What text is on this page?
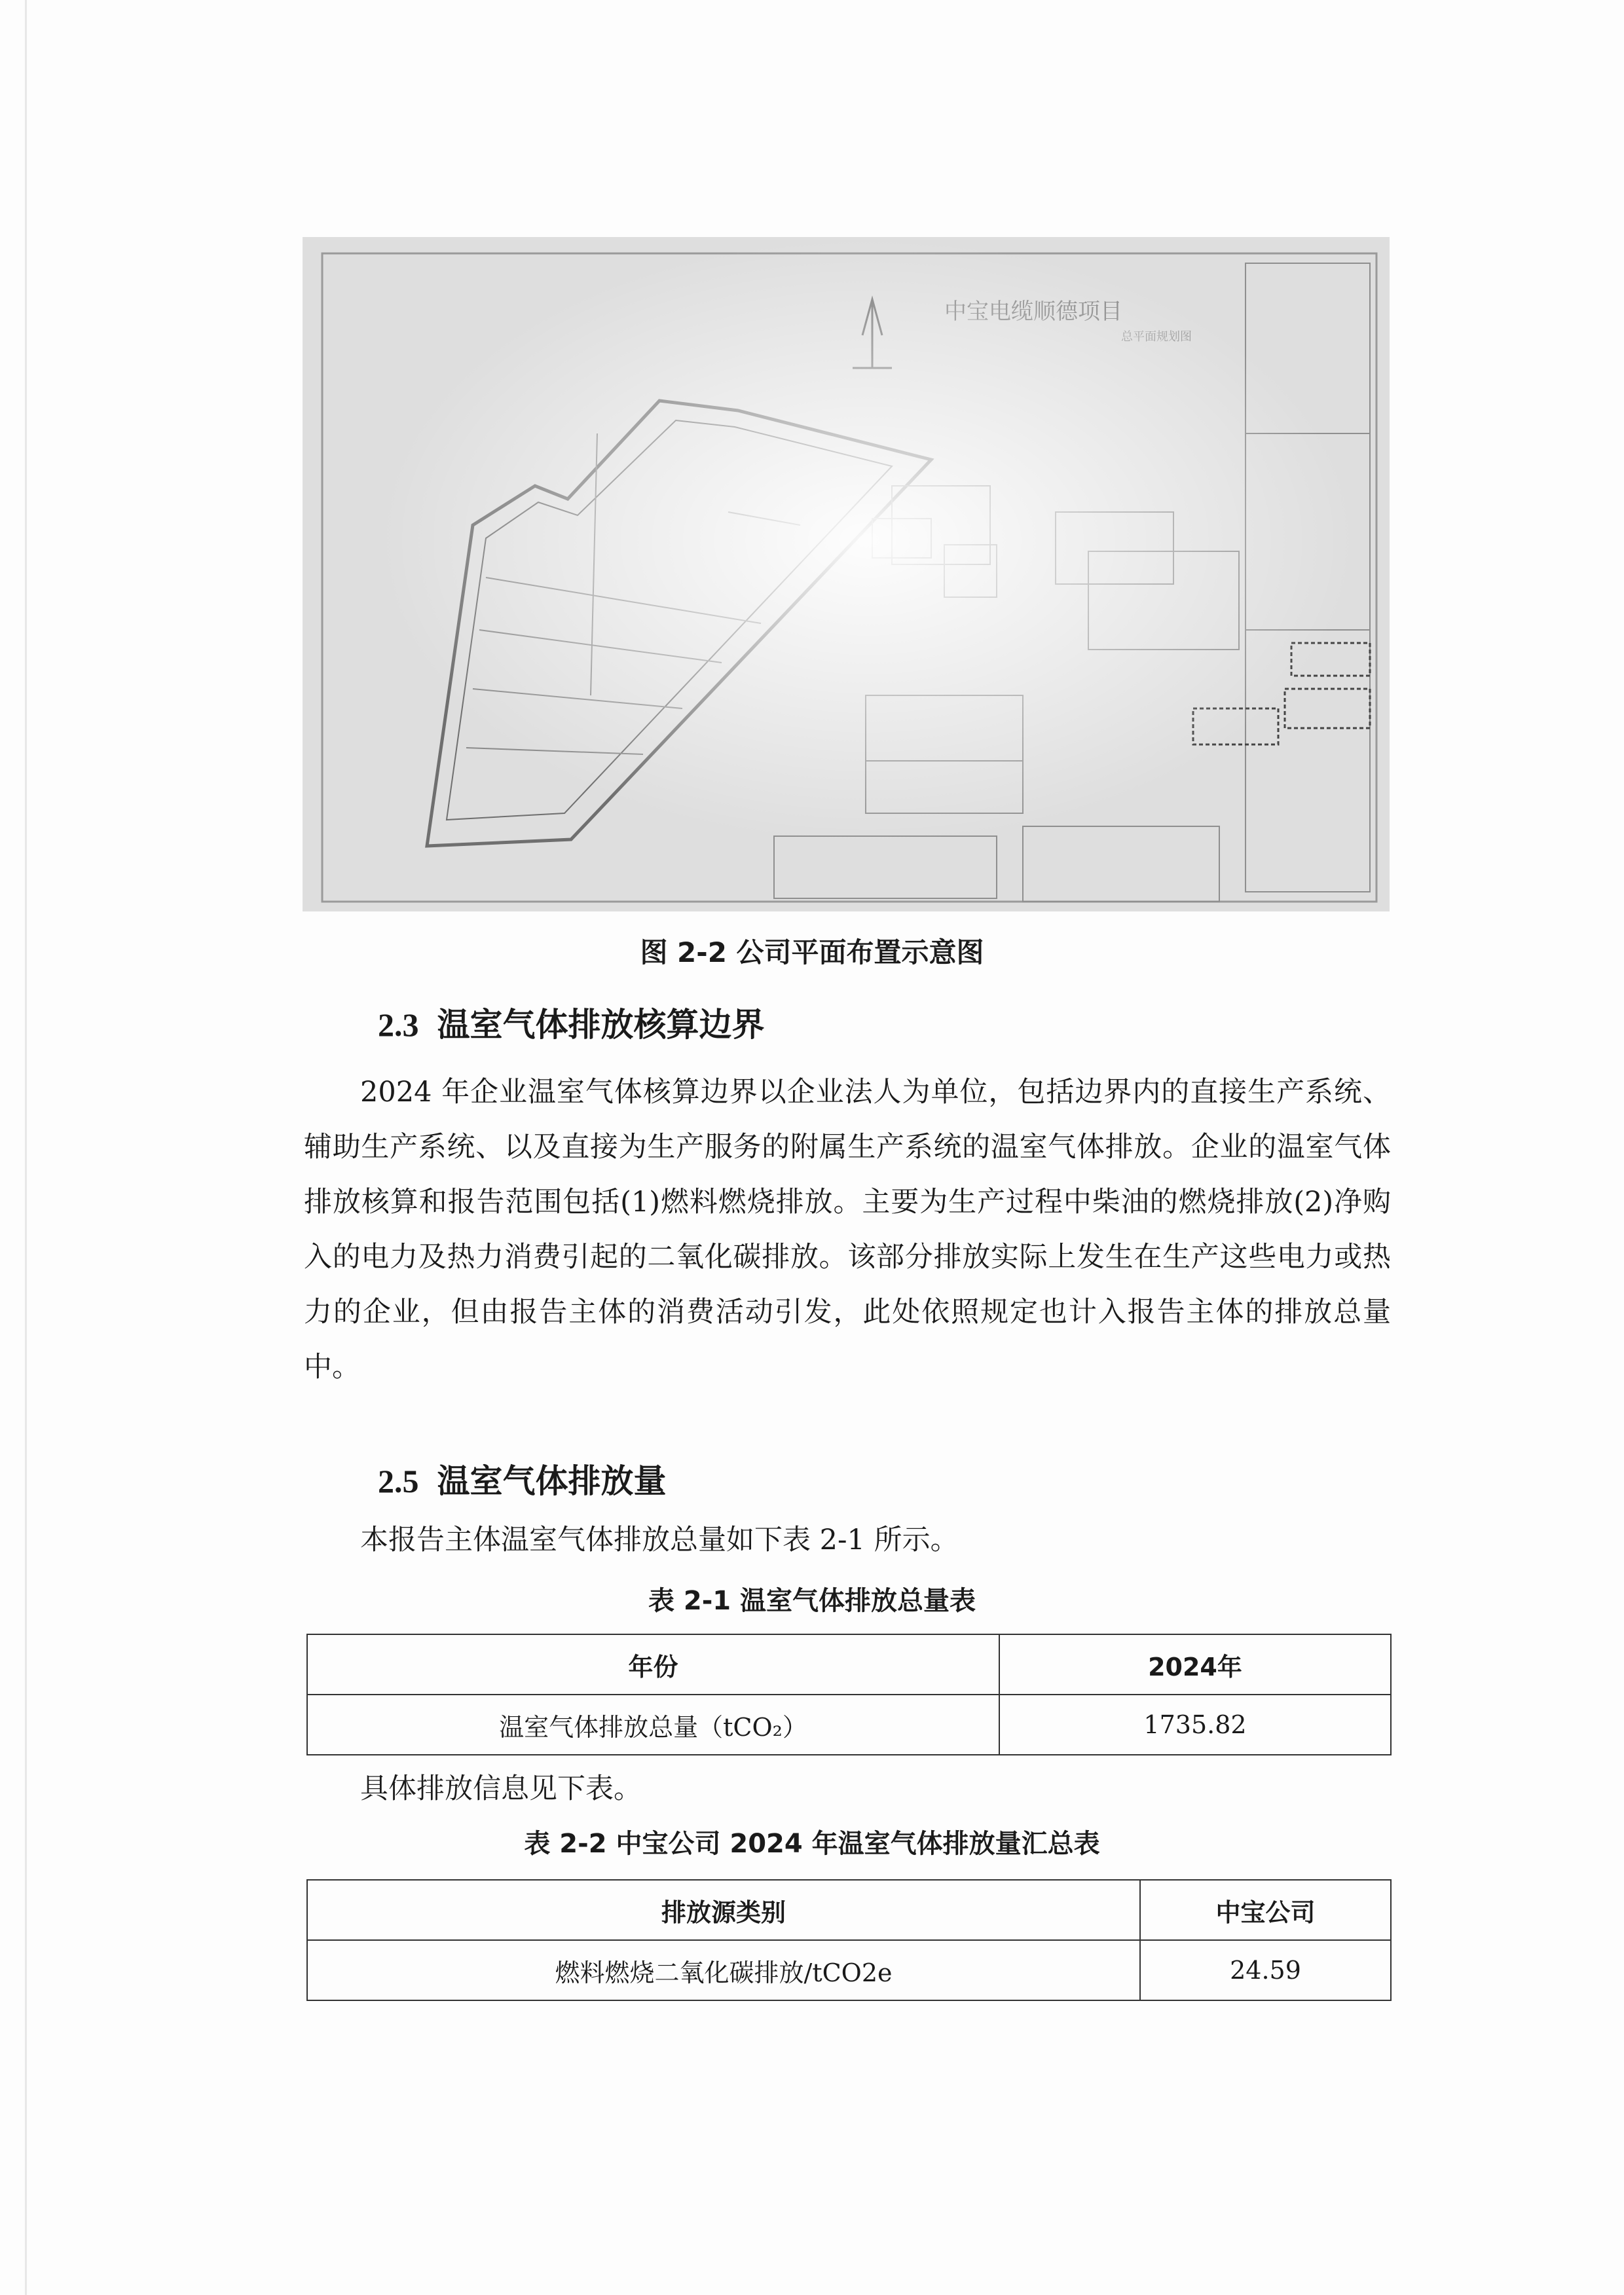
图 2-2 公司平面布置示意图
2.3 温室气体排放核算边界

2024 年企业温室气体核算边界以企业法人为单位，包括边界内的直接生产系统、辅助生产系统、以及直接为生产服务的附属生产系统的温室气体排放。企业的温室气体排放核算和报告范围包括(1)燃料燃烧排放。主要为生产过程中柴油的燃烧排放(2)净购入的电力及热力消费引起的二氧化碳排放。该部分排放实际上发生在生产这些电力或热力的企业，但由报告主体的消费活动引发，此处依照规定也计入报告主体的排放总量中。

2.5 温室气体排放量

本报告主体温室气体排放总量如下表 2-1 所示。

表 2-1 温室气体排放总量表
年份	2024年
温室气体排放总量（tCO₂）	1735.82
具体排放信息见下表。
表 2-2 中宝公司 2024 年温室气体排放量汇总表
排放源类别	中宝公司
燃料燃烧二氧化碳排放/tCO2e	24.59
